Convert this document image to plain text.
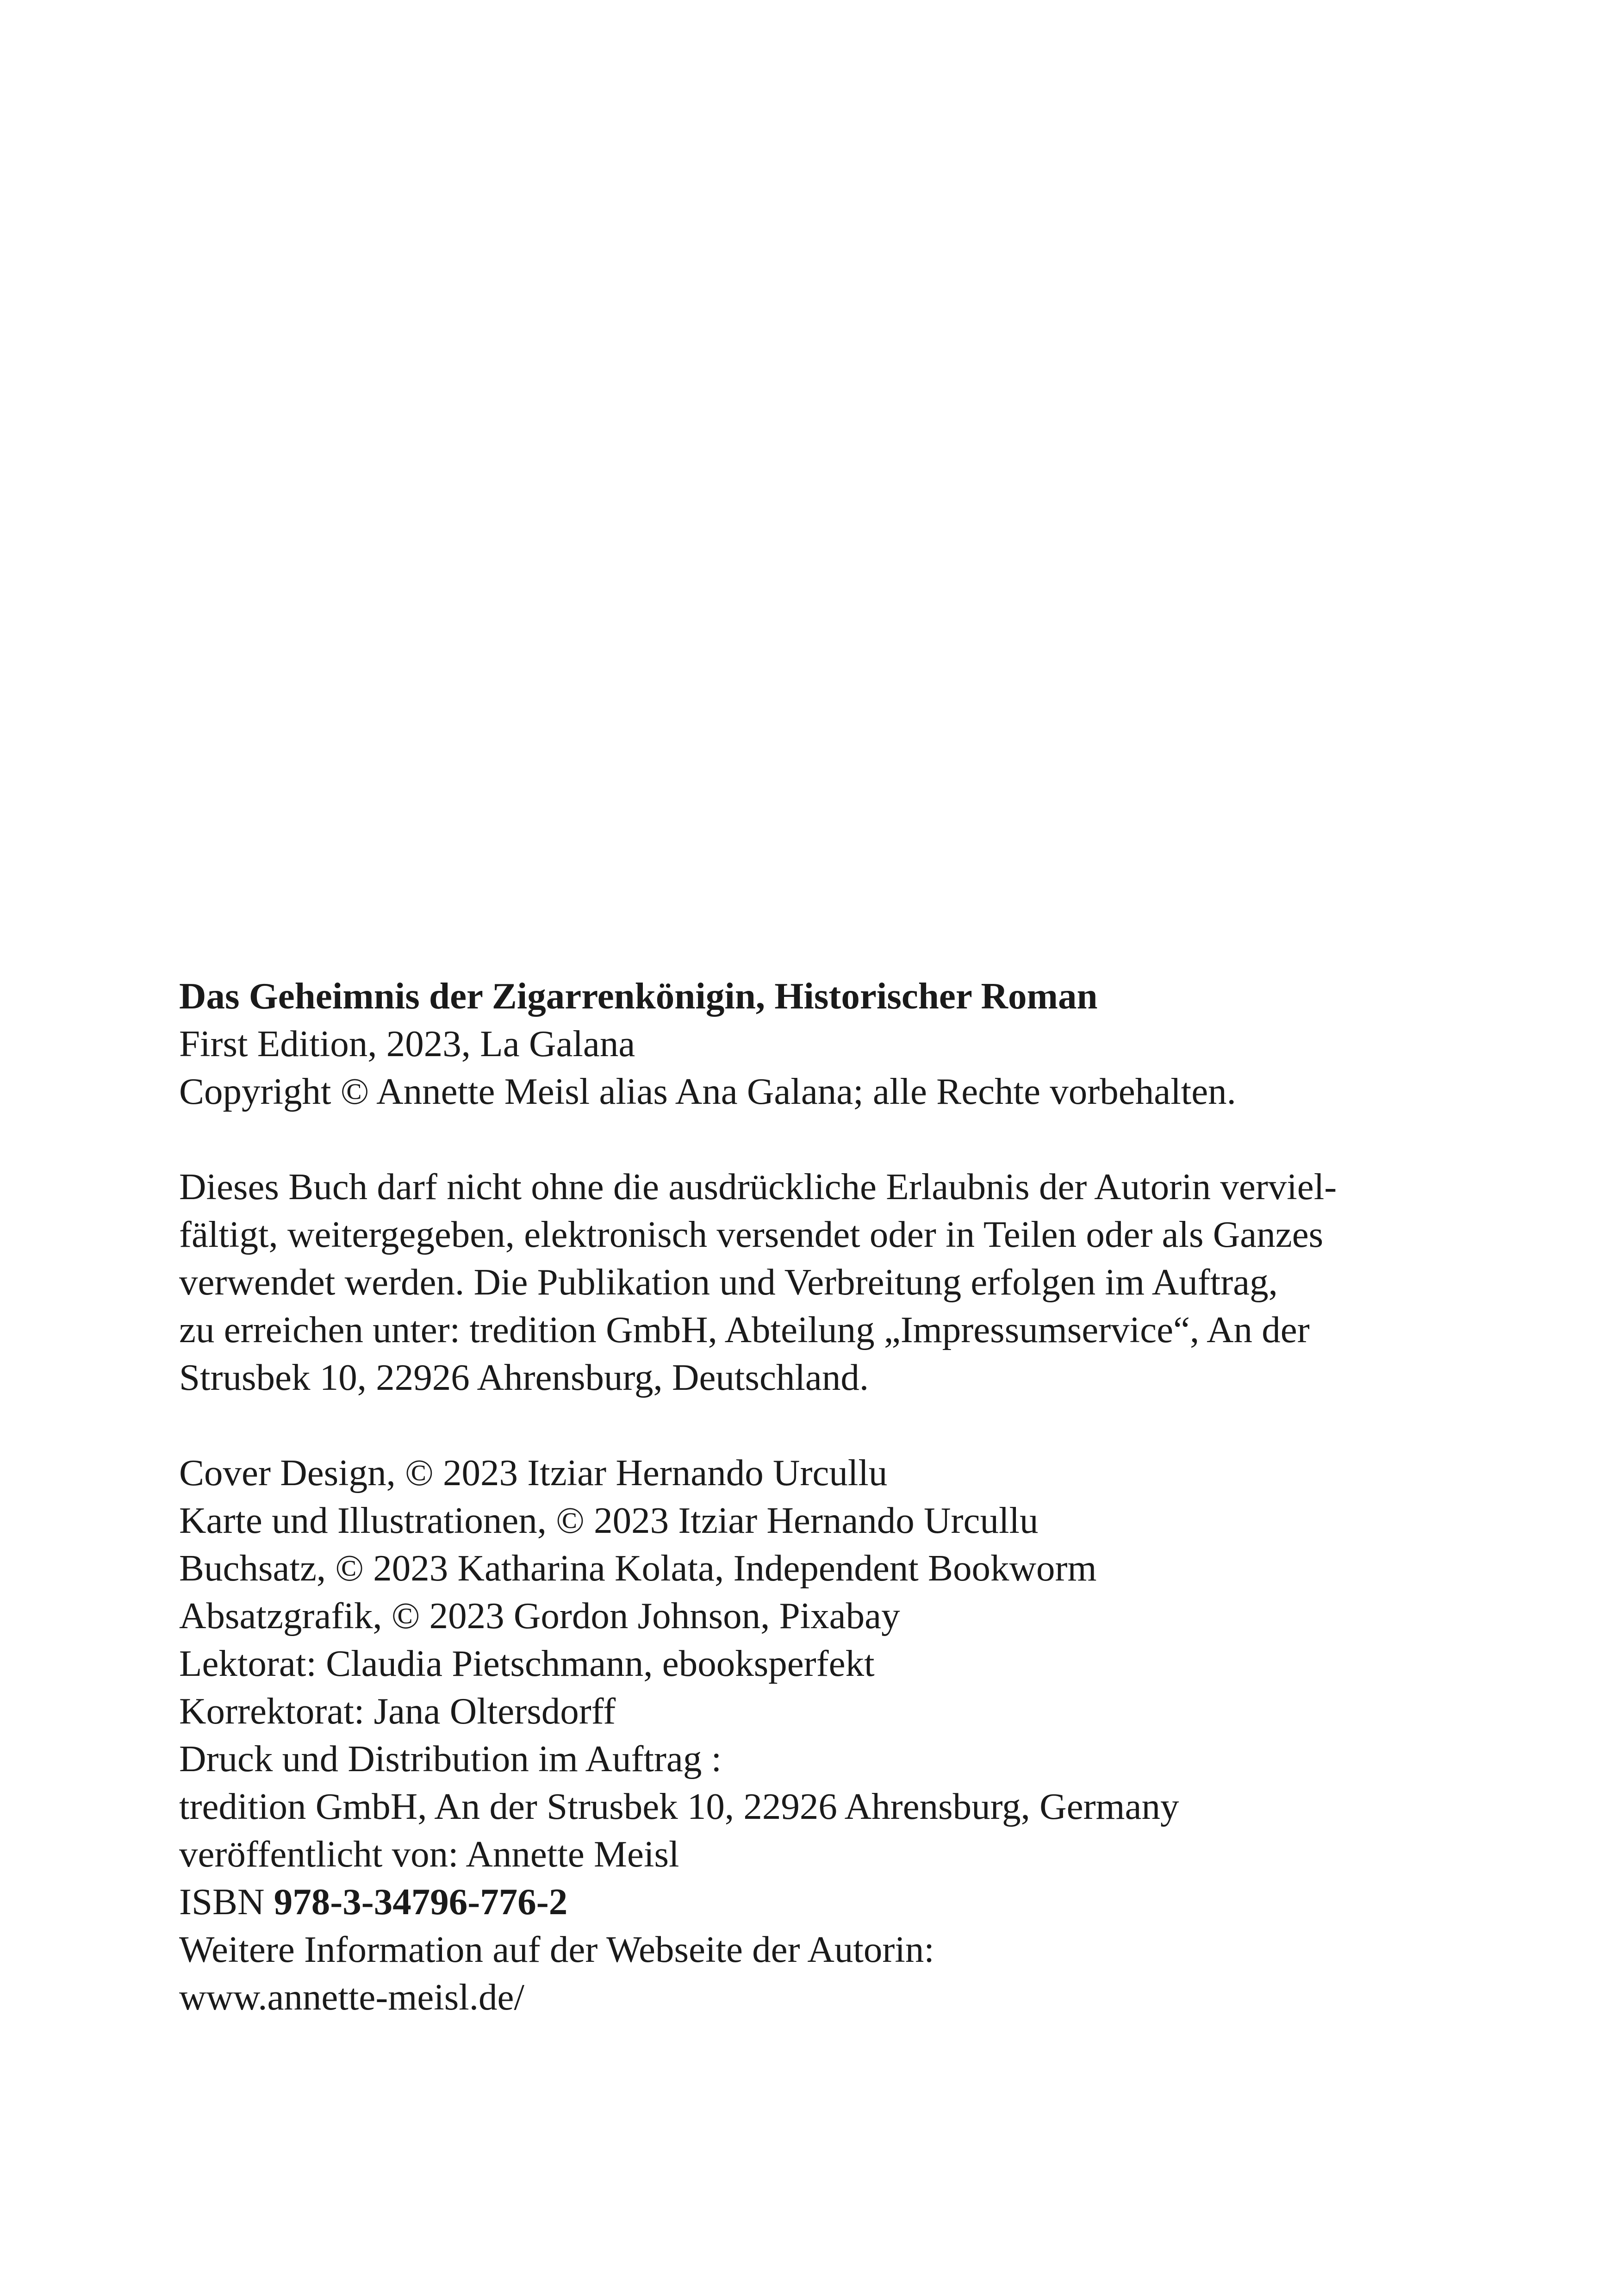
Das Geheimnis der Zigarrenkönigin, Historischer Roman

First Edition, 2023, La Galana

Copyright © Annette Meisl alias Ana Galana; alle Rechte vorbehalten.

Dieses Buch darf nicht ohne die ausdrückliche Erlaubnis der Autorin verviel-

fältigt, weitergegeben, elektronisch versendet oder in Teilen oder als Ganzes

verwendet werden. Die Publikation und Verbreitung erfolgen im Auftrag,

zu erreichen unter: tredition GmbH, Abteilung „Impressumservice“, An der

Strusbek 10, 22926 Ahrensburg, Deutschland.

Cover Design, © 2023 Itziar Hernando Urcullu

Karte und Illustrationen, © 2023 Itziar Hernando Urcullu

Buchsatz, © 2023 Katharina Kolata, Independent Bookworm

Absatzgrafik, © 2023 Gordon Johnson, Pixabay

Lektorat: Claudia Pietschmann, ebooksperfekt

Korrektorat: Jana Oltersdorff

Druck und Distribution im Auftrag :

tredition GmbH, An der Strusbek 10, 22926 Ahrensburg, Germany

veröffentlicht von: Annette Meisl

ISBN 978-3-34796-776-2

Weitere Information auf der Webseite der Autorin:

www.annette-meisl.de/
